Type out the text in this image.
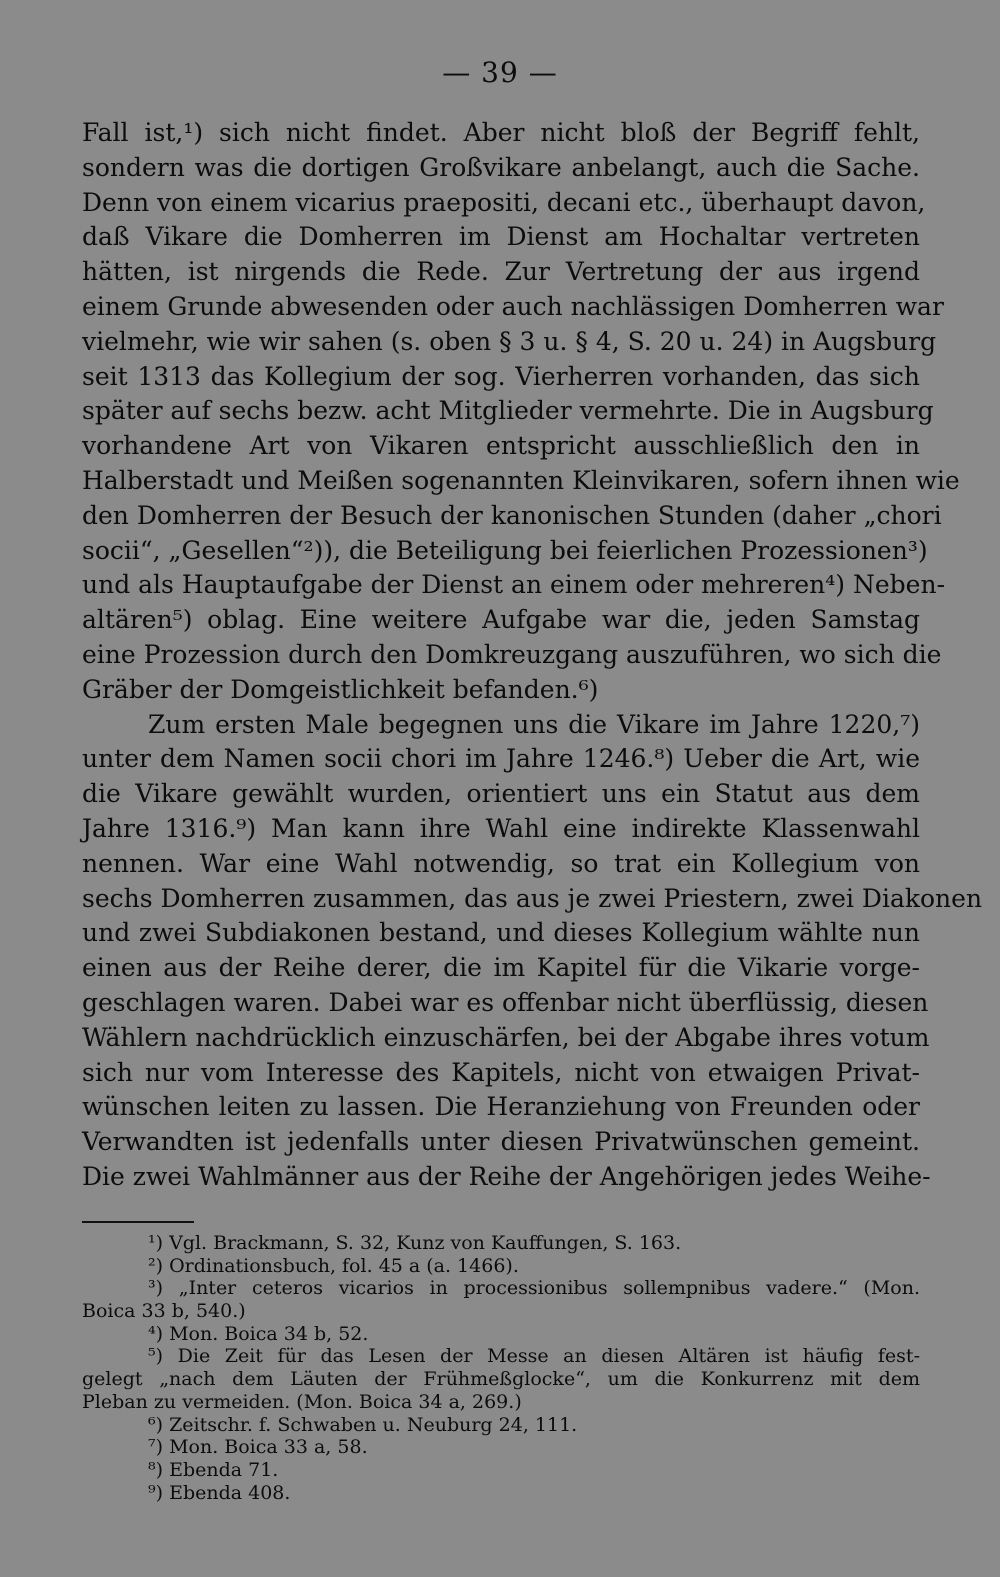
— 39 —
Fall ist,¹) sich nicht findet. Aber nicht bloß der Begriff fehlt,
sondern was die dortigen Großvikare anbelangt, auch die Sache.
Denn von einem vicarius praepositi, decani etc., überhaupt davon,
daß Vikare die Domherren im Dienst am Hochaltar vertreten
hätten, ist nirgends die Rede. Zur Vertretung der aus irgend
einem Grunde abwesenden oder auch nachlässigen Domherren war
vielmehr, wie wir sahen (s. oben § 3 u. § 4, S. 20 u. 24) in Augsburg
seit 1313 das Kollegium der sog. Vierherren vorhanden, das sich
später auf sechs bezw. acht Mitglieder vermehrte. Die in Augsburg
vorhandene Art von Vikaren entspricht ausschließlich den in
Halberstadt und Meißen sogenannten Kleinvikaren, sofern ihnen wie
den Domherren der Besuch der kanonischen Stunden (daher „chori
socii“, „Gesellen“²)), die Beteiligung bei feierlichen Prozessionen³)
und als Hauptaufgabe der Dienst an einem oder mehreren⁴) Neben-
altären⁵) oblag. Eine weitere Aufgabe war die, jeden Samstag
eine Prozession durch den Domkreuzgang auszuführen, wo sich die
Gräber der Domgeistlichkeit befanden.⁶)
Zum ersten Male begegnen uns die Vikare im Jahre 1220,⁷)
unter dem Namen socii chori im Jahre 1246.⁸) Ueber die Art, wie
die Vikare gewählt wurden, orientiert uns ein Statut aus dem
Jahre 1316.⁹) Man kann ihre Wahl eine indirekte Klassenwahl
nennen. War eine Wahl notwendig, so trat ein Kollegium von
sechs Domherren zusammen, das aus je zwei Priestern, zwei Diakonen
und zwei Subdiakonen bestand, und dieses Kollegium wählte nun
einen aus der Reihe derer, die im Kapitel für die Vikarie vorge-
geschlagen waren. Dabei war es offenbar nicht überflüssig, diesen
Wählern nachdrücklich einzuschärfen, bei der Abgabe ihres votum
sich nur vom Interesse des Kapitels, nicht von etwaigen Privat-
wünschen leiten zu lassen. Die Heranziehung von Freunden oder
Verwandten ist jedenfalls unter diesen Privatwünschen gemeint.
Die zwei Wahlmänner aus der Reihe der Angehörigen jedes Weihe-
¹) Vgl. Brackmann, S. 32, Kunz von Kauffungen, S. 163.
²) Ordinationsbuch, fol. 45 a (a. 1466).
³) „Inter ceteros vicarios in processionibus sollempnibus vadere.“ (Mon.
Boica 33 b, 540.)
⁴) Mon. Boica 34 b, 52.
⁵) Die Zeit für das Lesen der Messe an diesen Altären ist häufig fest-
gelegt „nach dem Läuten der Frühmeßglocke“, um die Konkurrenz mit dem
Pleban zu vermeiden. (Mon. Boica 34 a, 269.)
⁶) Zeitschr. f. Schwaben u. Neuburg 24, 111.
⁷) Mon. Boica 33 a, 58.
⁸) Ebenda 71.
⁹) Ebenda 408.
